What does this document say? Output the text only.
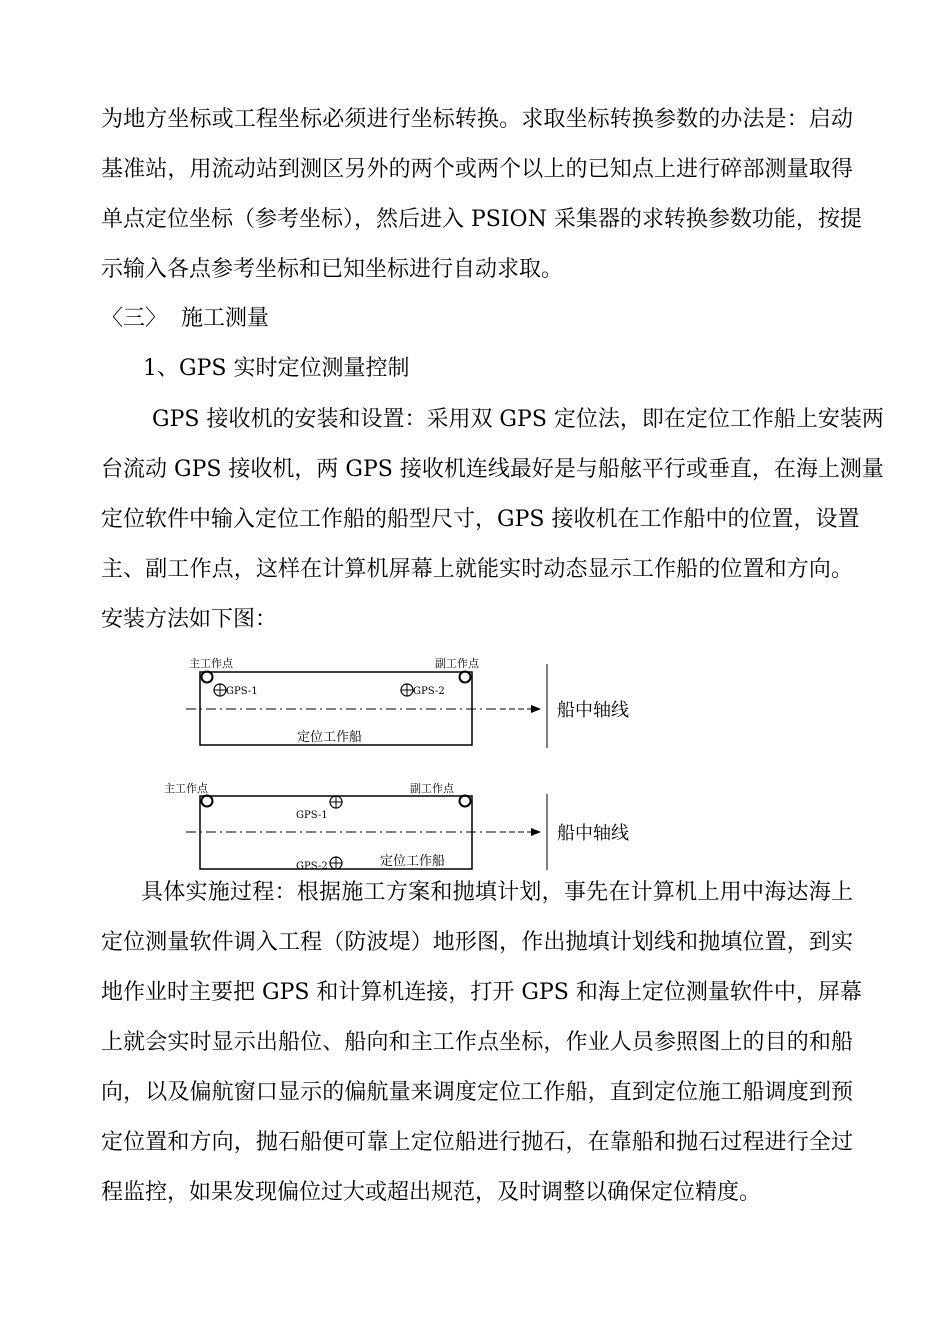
为地方坐标或工程坐标必须进行坐标转换。求取坐标转换参数的办法是：启动
基准站，用流动站到测区另外的两个或两个以上的已知点上进行碎部测量取得
单点定位坐标（参考坐标），然后进入 PSION 采集器的求转换参数功能，按提
示输入各点参考坐标和已知坐标进行自动求取。
〈三〉  施工测量
1、GPS 实时定位测量控制
GPS 接收机的安装和设置：采用双 GPS 定位法，即在定位工作船上安装两
台流动 GPS 接收机，两 GPS 接收机连线最好是与船舷平行或垂直，在海上测量
定位软件中输入定位工作船的船型尺寸，GPS 接收机在工作船中的位置，设置
主、副工作点，这样在计算机屏幕上就能实时动态显示工作船的位置和方向。
安装方法如下图：
主工作点	副工作点
GPS-1	GPS-2
定位工作船
船中轴线
主工作点	副工作点
GPS-1
GPS-2	定位工作船
船中轴线
具体实施过程：根据施工方案和抛填计划，事先在计算机上用中海达海上
定位测量软件调入工程（防波堤）地形图，作出抛填计划线和抛填位置，到实
地作业时主要把 GPS 和计算机连接，打开 GPS 和海上定位测量软件中，屏幕
上就会实时显示出船位、船向和主工作点坐标，作业人员参照图上的目的和船
向，以及偏航窗口显示的偏航量来调度定位工作船，直到定位施工船调度到预
定位置和方向，抛石船便可靠上定位船进行抛石，在靠船和抛石过程进行全过
程监控，如果发现偏位过大或超出规范，及时调整以确保定位精度。
